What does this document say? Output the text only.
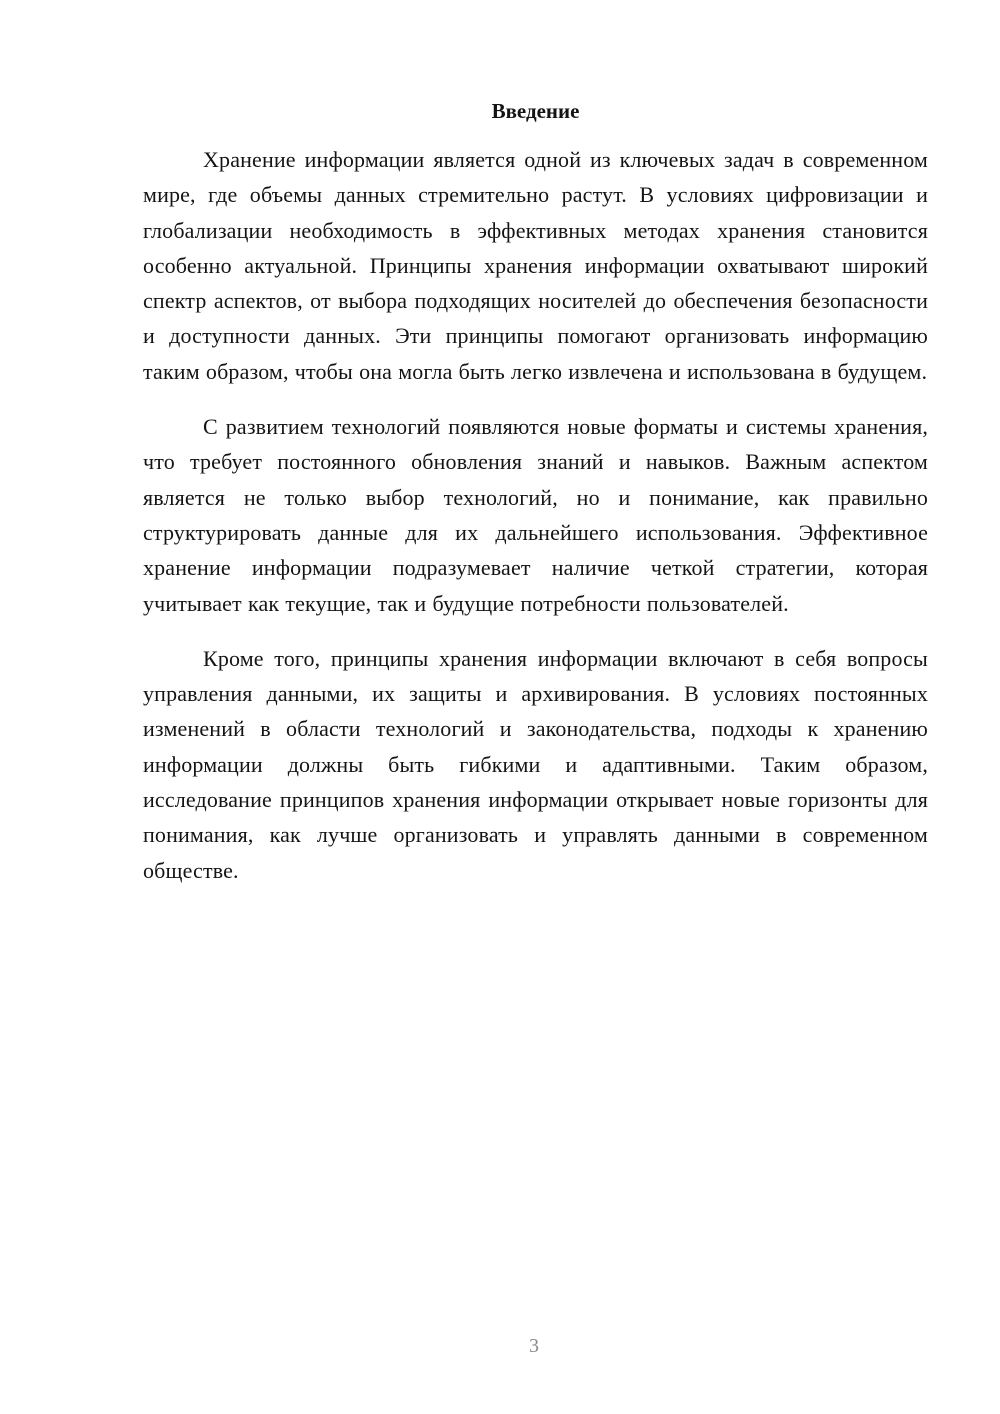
Введение

Хранение информации является одной из ключевых задач в современном мире, где объемы данных стремительно растут. В условиях цифровизации и глобализации необходимость в эффективных методах хранения становится особенно актуальной. Принципы хранения информации охватывают широкий спектр аспектов, от выбора подходящих носителей до обеспечения безопасности и доступности данных. Эти принципы помогают организовать информацию таким образом, чтобы она могла быть легко извлечена и использована в будущем.

С развитием технологий появляются новые форматы и системы хранения, что требует постоянного обновления знаний и навыков. Важным аспектом является не только выбор технологий, но и понимание, как правильно структурировать данные для их дальнейшего использования. Эффективное хранение информации подразумевает наличие четкой стратегии, которая учитывает как текущие, так и будущие потребности пользователей.

Кроме того, принципы хранения информации включают в себя вопросы управления данными, их защиты и архивирования. В условиях постоянных изменений в области технологий и законодательства, подходы к хранению информации должны быть гибкими и адаптивными. Таким образом, исследование принципов хранения информации открывает новые горизонты для понимания, как лучше организовать и управлять данными в современном обществе.

3
